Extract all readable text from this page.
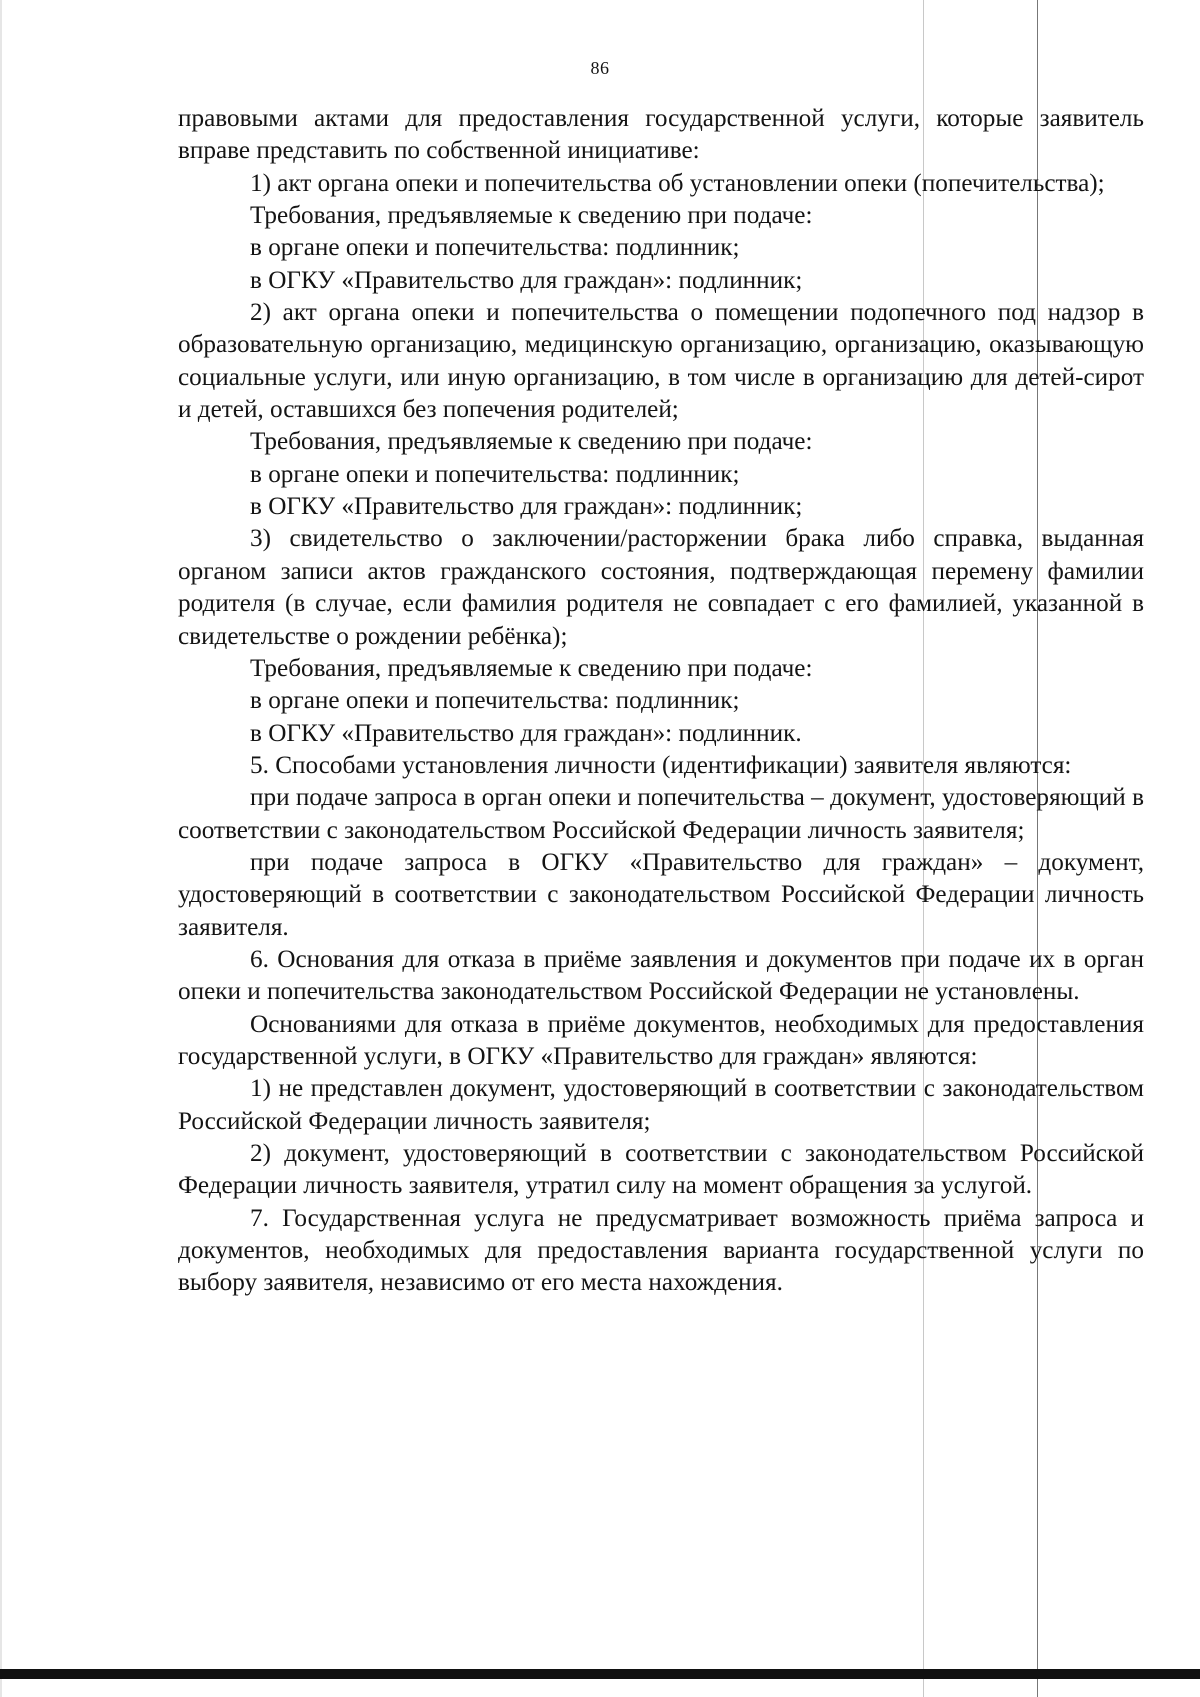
86

правовыми актами для предоставления государственной услуги, которые заявитель вправе представить по собственной инициативе:

1) акт органа опеки и попечительства об установлении опеки (попечительства);

Требования, предъявляемые к сведению при подаче:

в органе опеки и попечительства: подлинник;

в ОГКУ «Правительство для граждан»: подлинник;

2) акт органа опеки и попечительства о помещении подопечного под надзор в образовательную организацию, медицинскую организацию, организацию, оказывающую социальные услуги, или иную организацию, в том числе в организацию для детей-сирот и детей, оставшихся без попечения родителей;

Требования, предъявляемые к сведению при подаче:

в органе опеки и попечительства: подлинник;

в ОГКУ «Правительство для граждан»: подлинник;

3) свидетельство о заключении/расторжении брака либо справка, выданная органом записи актов гражданского состояния, подтверждающая перемену фамилии родителя (в случае, если фамилия родителя не совпадает с его фамилией, указанной в свидетельстве о рождении ребёнка);

Требования, предъявляемые к сведению при подаче:

в органе опеки и попечительства: подлинник;

в ОГКУ «Правительство для граждан»: подлинник.

5. Способами установления личности (идентификации) заявителя являются:

при подаче запроса в орган опеки и попечительства – документ, удостоверяющий в соответствии с законодательством Российской Федерации личность заявителя;

при подаче запроса в ОГКУ «Правительство для граждан» – документ, удостоверяющий в соответствии с законодательством Российской Федерации личность заявителя.

6. Основания для отказа в приёме заявления и документов при подаче их в орган опеки и попечительства законодательством Российской Федерации не установлены.

Основаниями для отказа в приёме документов, необходимых для предоставления государственной услуги, в ОГКУ «Правительство для граждан» являются:

1) не представлен документ, удостоверяющий в соответствии с законодательством Российской Федерации личность заявителя;

2) документ, удостоверяющий в соответствии с законодательством Российской Федерации личность заявителя, утратил силу на момент обращения за услугой.

7. Государственная услуга не предусматривает возможность приёма запроса и документов, необходимых для предоставления варианта государственной услуги по выбору заявителя, независимо от его места нахождения.
